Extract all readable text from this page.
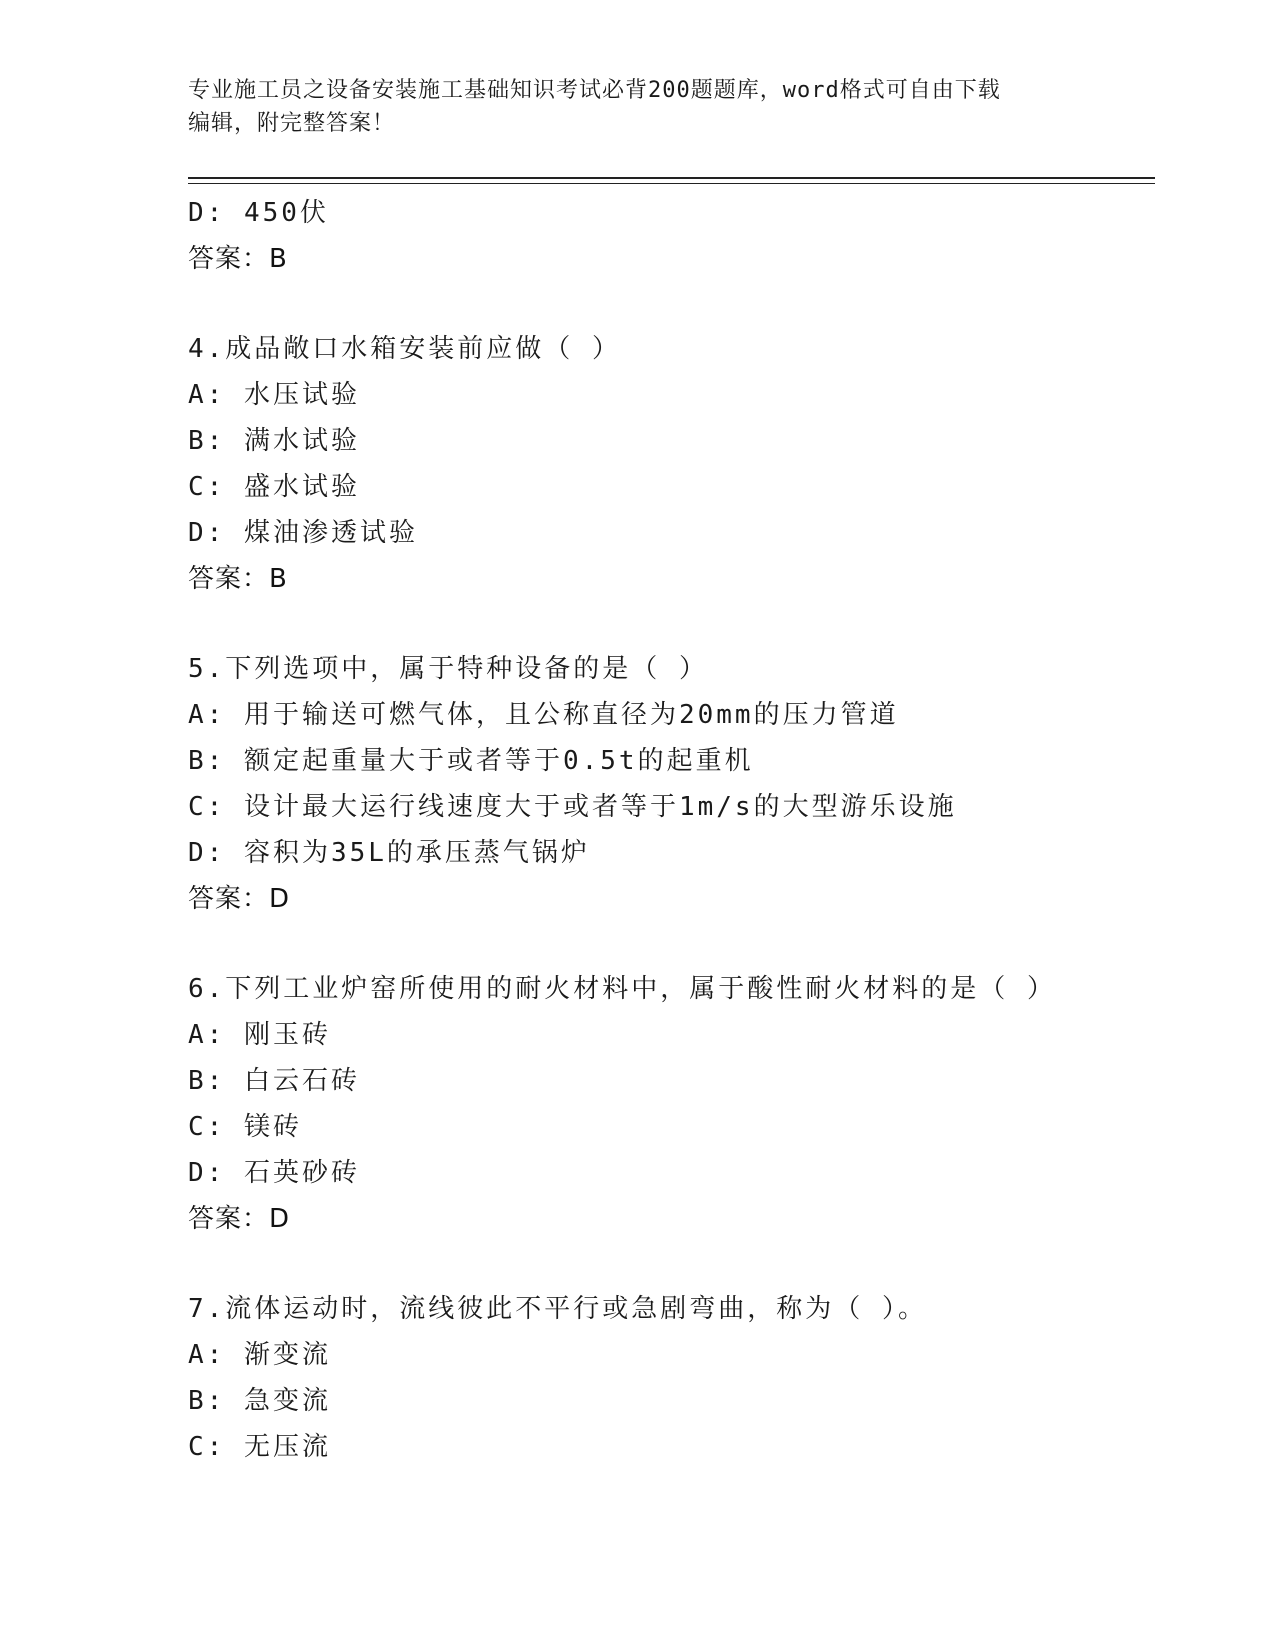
专业施工员之设备安装施工基础知识考试必背200题题库，word格式可自由下载
编辑，附完整答案！
D: 450伏
答案：B
4.成品敞口水箱安装前应做（ ）
A: 水压试验
B: 满水试验
C: 盛水试验
D: 煤油渗透试验
答案：B
5.下列选项中，属于特种设备的是（ ）
A: 用于输送可燃气体，且公称直径为20mm的压力管道
B: 额定起重量大于或者等于0.5t的起重机
C: 设计最大运行线速度大于或者等于1m/s的大型游乐设施
D: 容积为35L的承压蒸气锅炉
答案：D
6.下列工业炉窑所使用的耐火材料中，属于酸性耐火材料的是（ ）
A: 刚玉砖
B: 白云石砖
C: 镁砖
D: 石英砂砖
答案：D
7.流体运动时，流线彼此不平行或急剧弯曲，称为（ ）。
A: 渐变流
B: 急变流
C: 无压流
